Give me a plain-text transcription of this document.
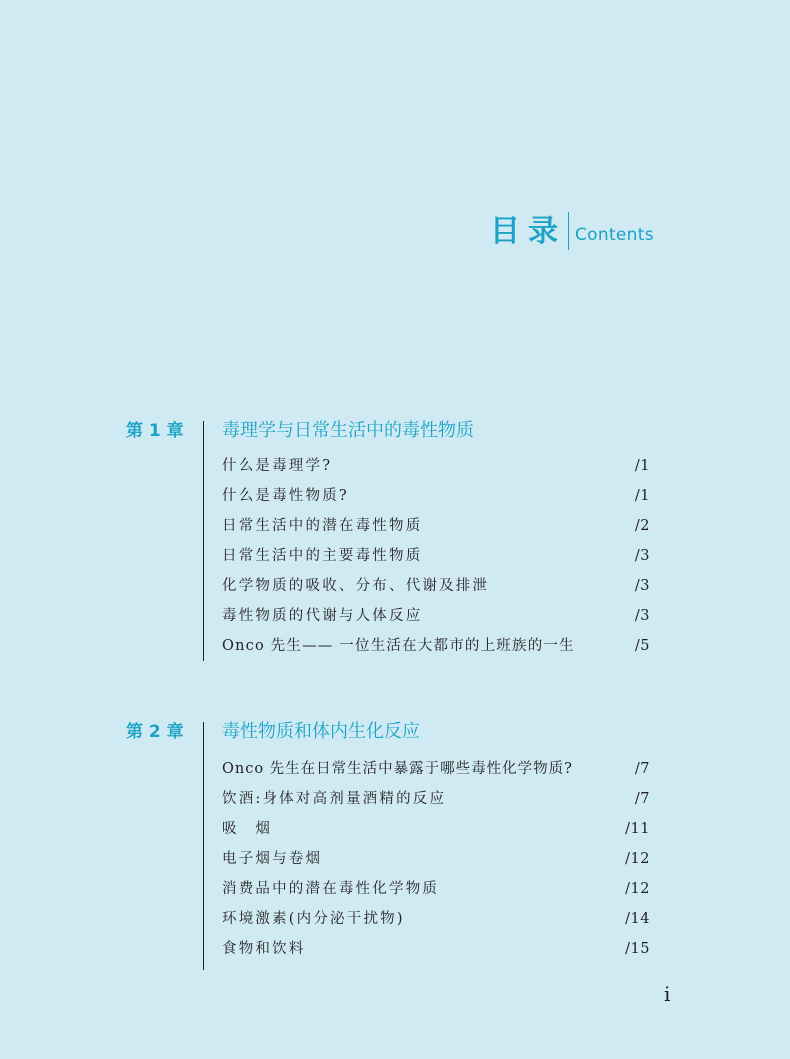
目录 Contents
第 1 章 毒理学与日常生活中的毒性物质
什么是毒理学?	/1
什么是毒性物质?	/1
日常生活中的潜在毒性物质	/2
日常生活中的主要毒性物质	/3
化学物质的吸收、分布、代谢及排泄	/3
毒性物质的代谢与人体反应	/3
Onco 先生—— 一位生活在大都市的上班族的一生	/5
第 2 章 毒性物质和体内生化反应
Onco 先生在日常生活中暴露于哪些毒性化学物质?	/7
饮酒:身体对高剂量酒精的反应	/7
吸　烟	/11
电子烟与卷烟	/12
消费品中的潜在毒性化学物质	/12
环境激素(内分泌干扰物)	/14
食物和饮料	/15
i
